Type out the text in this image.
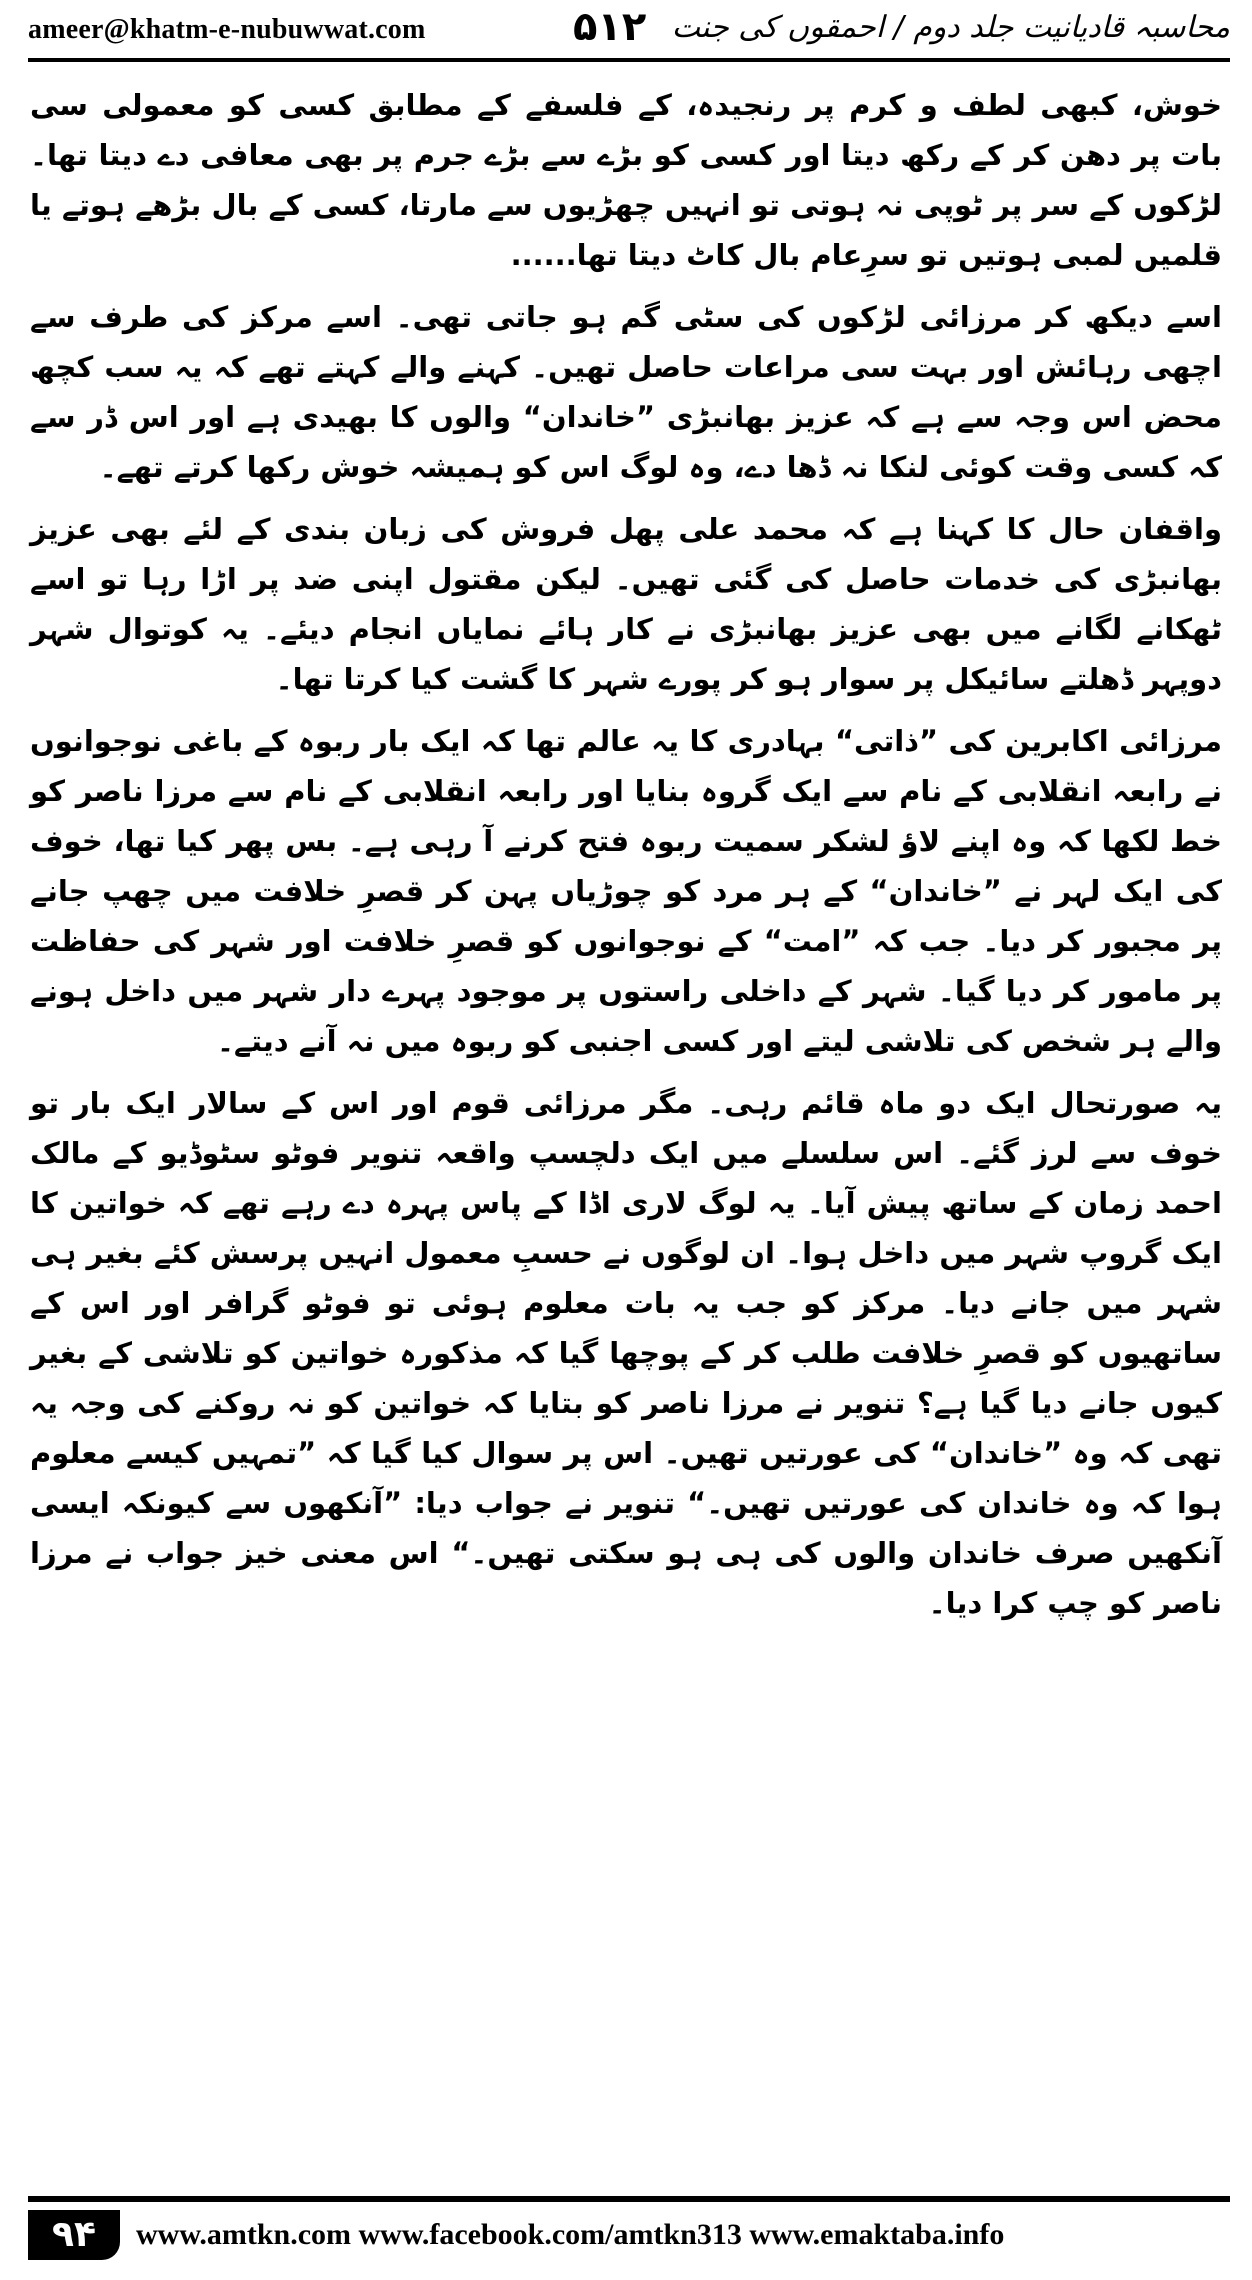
ameer@khatm-e-nubuwwat.com	۵۱۲ محاسبہ قادیانیت جلد دوم / احمقوں کی جنت

خوش، کبھی لطف و کرم پر رنجیدہ، کے فلسفے کے مطابق کسی کو معمولی سی بات پر دھن کر کے رکھ دیتا اور کسی کو بڑے سے بڑے جرم پر بھی معافی دے دیتا تھا۔ لڑکوں کے سر پر ٹوپی نہ ہوتی تو انہیں چھڑیوں سے مارتا، کسی کے بال بڑھے ہوتے یا قلمیں لمبی ہوتیں تو سرِعام بال کاٹ دیتا تھا......

اسے دیکھ کر مرزائی لڑکوں کی سٹی گم ہو جاتی تھی۔ اسے مرکز کی طرف سے اچھی رہائش اور بہت سی مراعات حاصل تھیں۔ کہنے والے کہتے تھے کہ یہ سب کچھ محض اس وجہ سے ہے کہ عزیز بھانبڑی ”خاندان“ والوں کا بھیدی ہے اور اس ڈر سے کہ کسی وقت کوئی لنکا نہ ڈھا دے، وہ لوگ اس کو ہمیشہ خوش رکھا کرتے تھے۔

واقفان حال کا کہنا ہے کہ محمد علی پھل فروش کی زبان بندی کے لئے بھی عزیز بھانبڑی کی خدمات حاصل کی گئی تھیں۔ لیکن مقتول اپنی ضد پر اڑا رہا تو اسے ٹھکانے لگانے میں بھی عزیز بھانبڑی نے کار ہائے نمایاں انجام دیئے۔ یہ کوتوال شہر دوپہر ڈھلتے سائیکل پر سوار ہو کر پورے شہر کا گشت کیا کرتا تھا۔

مرزائی اکابرین کی ”ذاتی“ بہادری کا یہ عالم تھا کہ ایک بار ربوہ کے باغی نوجوانوں نے رابعہ انقلابی کے نام سے ایک گروہ بنایا اور رابعہ انقلابی کے نام سے مرزا ناصر کو خط لکھا کہ وہ اپنے لاؤ لشکر سمیت ربوہ فتح کرنے آ رہی ہے۔ بس پھر کیا تھا، خوف کی ایک لہر نے ”خاندان“ کے ہر مرد کو چوڑیاں پہن کر قصرِ خلافت میں چھپ جانے پر مجبور کر دیا۔ جب کہ ”امت“ کے نوجوانوں کو قصرِ خلافت اور شہر کی حفاظت پر مامور کر دیا گیا۔ شہر کے داخلی راستوں پر موجود پہرے دار شہر میں داخل ہونے والے ہر شخص کی تلاشی لیتے اور کسی اجنبی کو ربوہ میں نہ آنے دیتے۔

یہ صورتحال ایک دو ماہ قائم رہی۔ مگر مرزائی قوم اور اس کے سالار ایک بار تو خوف سے لرز گئے۔ اس سلسلے میں ایک دلچسپ واقعہ تنویر فوٹو سٹوڈیو کے مالک احمد زمان کے ساتھ پیش آیا۔ یہ لوگ لاری اڈا کے پاس پہرہ دے رہے تھے کہ خواتین کا ایک گروپ شہر میں داخل ہوا۔ ان لوگوں نے حسبِ معمول انہیں پرسش کئے بغیر ہی شہر میں جانے دیا۔ مرکز کو جب یہ بات معلوم ہوئی تو فوٹو گرافر اور اس کے ساتھیوں کو قصرِ خلافت طلب کر کے پوچھا گیا کہ مذکورہ خواتین کو تلاشی کے بغیر کیوں جانے دیا گیا ہے؟ تنویر نے مرزا ناصر کو بتایا کہ خواتین کو نہ روکنے کی وجہ یہ تھی کہ وہ ”خاندان“ کی عورتیں تھیں۔ اس پر سوال کیا گیا کہ ”تمہیں کیسے معلوم ہوا کہ وہ خاندان کی عورتیں تھیں۔“ تنویر نے جواب دیا: ”آنکھوں سے کیونکہ ایسی آنکھیں صرف خاندان والوں کی ہی ہو سکتی تھیں۔“ اس معنی خیز جواب نے مرزا ناصر کو چپ کرا دیا۔

۹۴	www.amtkn.com www.facebook.com/amtkn313 www.emaktaba.info
